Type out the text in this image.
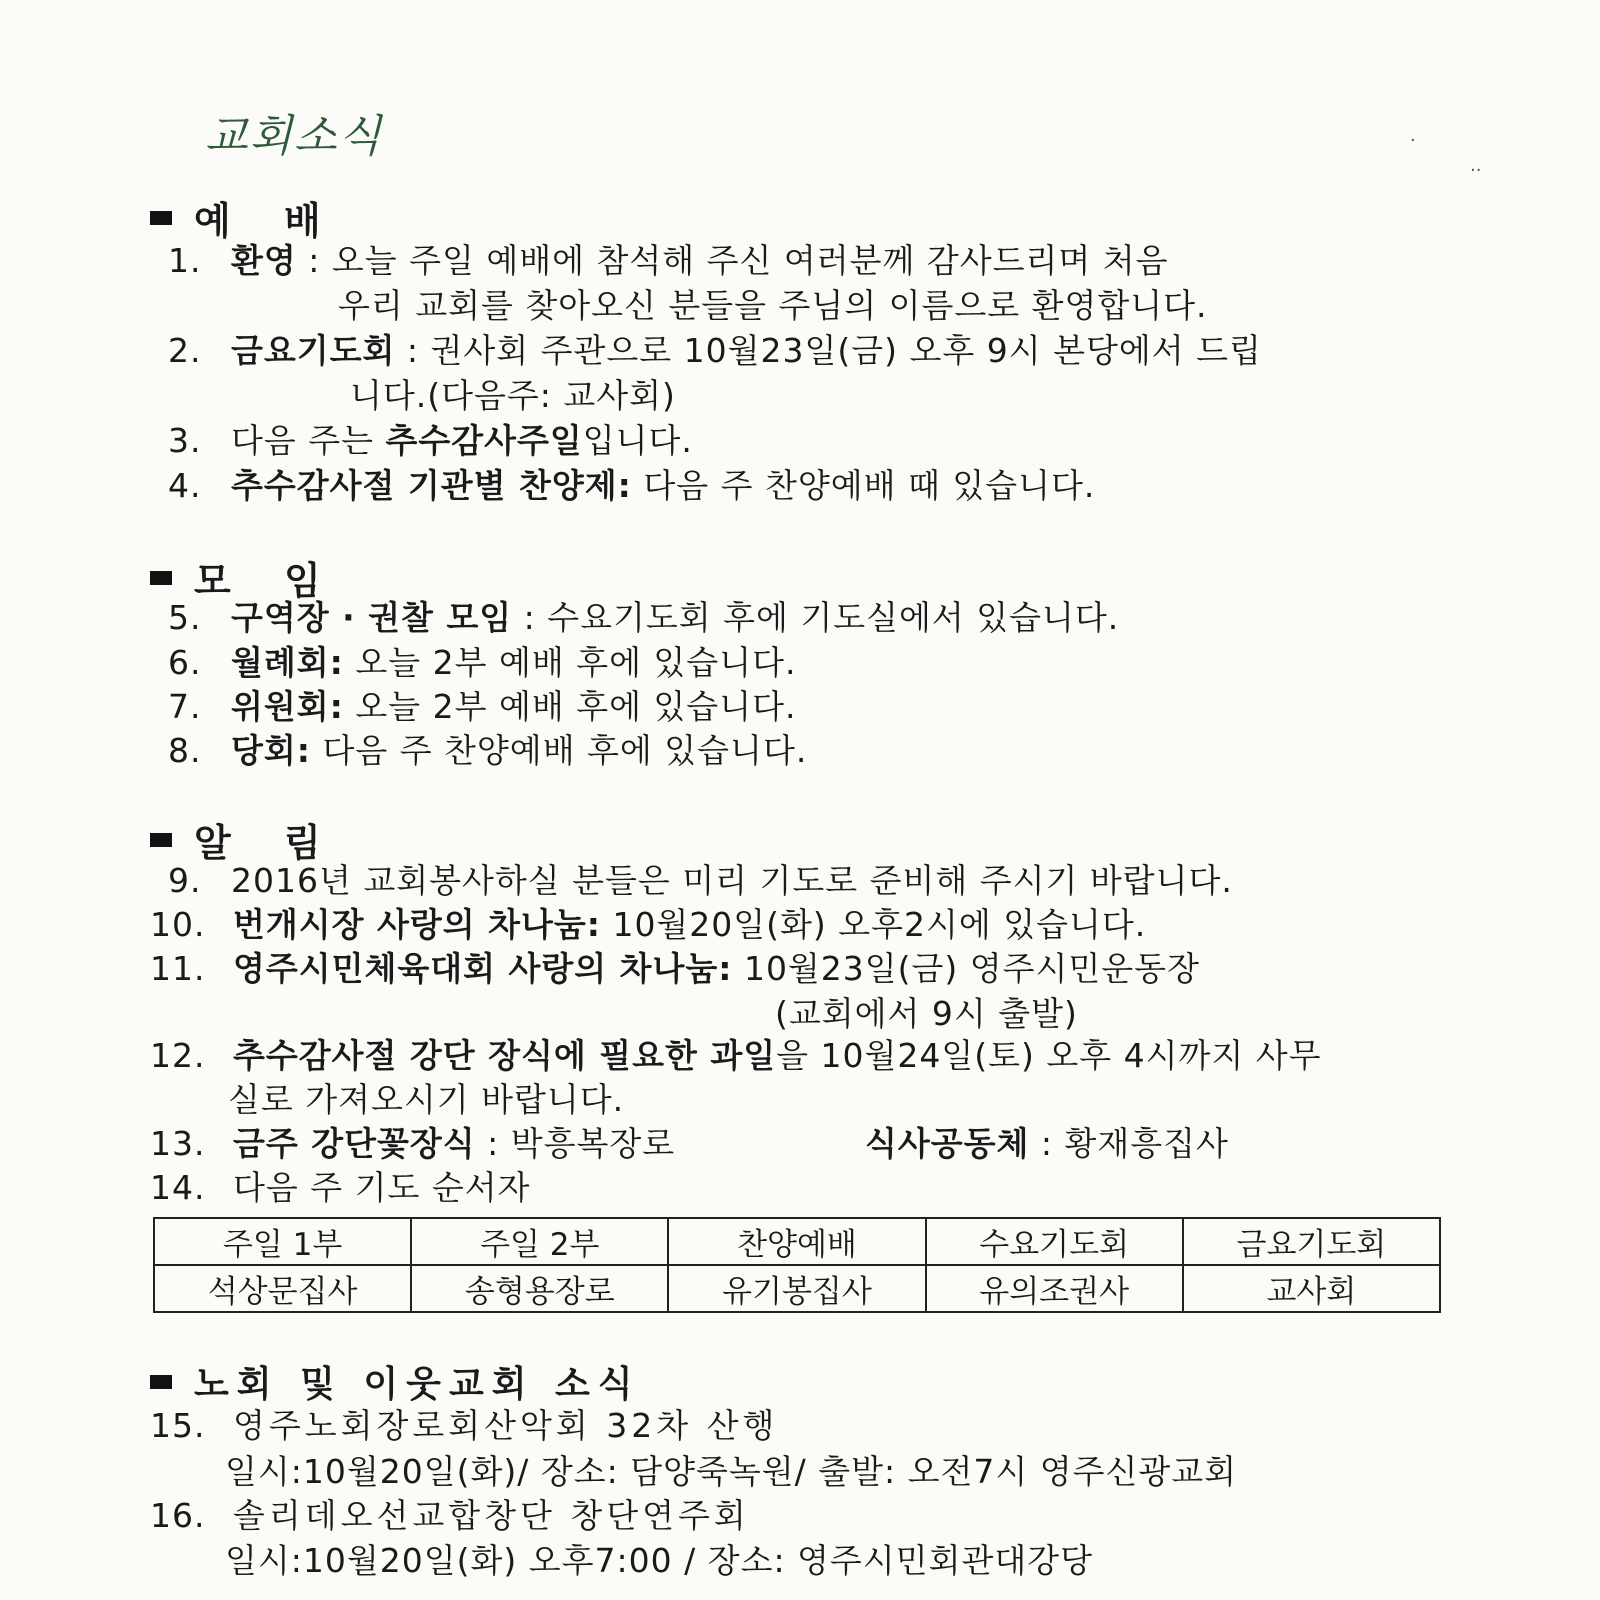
교회소식	·
··
예 배
1. 환영 : 오늘 주일 예배에 참석해 주신 여러분께 감사드리며 처음
우리 교회를 찾아오신 분들을 주님의 이름으로 환영합니다.
2. 금요기도회 : 권사회 주관으로 10월23일(금) 오후 9시 본당에서 드립
니다.(다음주: 교사회)
3. 다음 주는 추수감사주일입니다.
4. 추수감사절 기관별 찬양제: 다음 주 찬양예배 때 있습니다.
모 임
5. 구역장 · 권찰 모임 : 수요기도회 후에 기도실에서 있습니다.
6. 월례회: 오늘 2부 예배 후에 있습니다.
7. 위원회: 오늘 2부 예배 후에 있습니다.
8. 당회: 다음 주 찬양예배 후에 있습니다.
알 림
9. 2016년 교회봉사하실 분들은 미리 기도로 준비해 주시기 바랍니다.
10. 번개시장 사랑의 차나눔: 10월20일(화) 오후2시에 있습니다.
11. 영주시민체육대회 사랑의 차나눔: 10월23일(금) 영주시민운동장
(교회에서 9시 출발)
12. 추수감사절 강단 장식에 필요한 과일을 10월24일(토) 오후 4시까지 사무
실로 가져오시기 바랍니다.
13. 금주 강단꽃장식 : 박흥복장로	식사공동체 : 황재흥집사
14. 다음 주 기도 순서자
주일 1부	주일 2부	찬양예배	수요기도회	금요기도회
석상문집사	송형용장로	유기봉집사	유의조권사	교사회
노회 및 이웃교회 소식
15. 영주노회장로회산악회 32차 산행
일시:10월20일(화)/ 장소: 담양죽녹원/ 출발: 오전7시 영주신광교회
16. 솔리데오선교합창단 창단연주회
일시:10월20일(화) 오후7:00 / 장소: 영주시민회관대강당
